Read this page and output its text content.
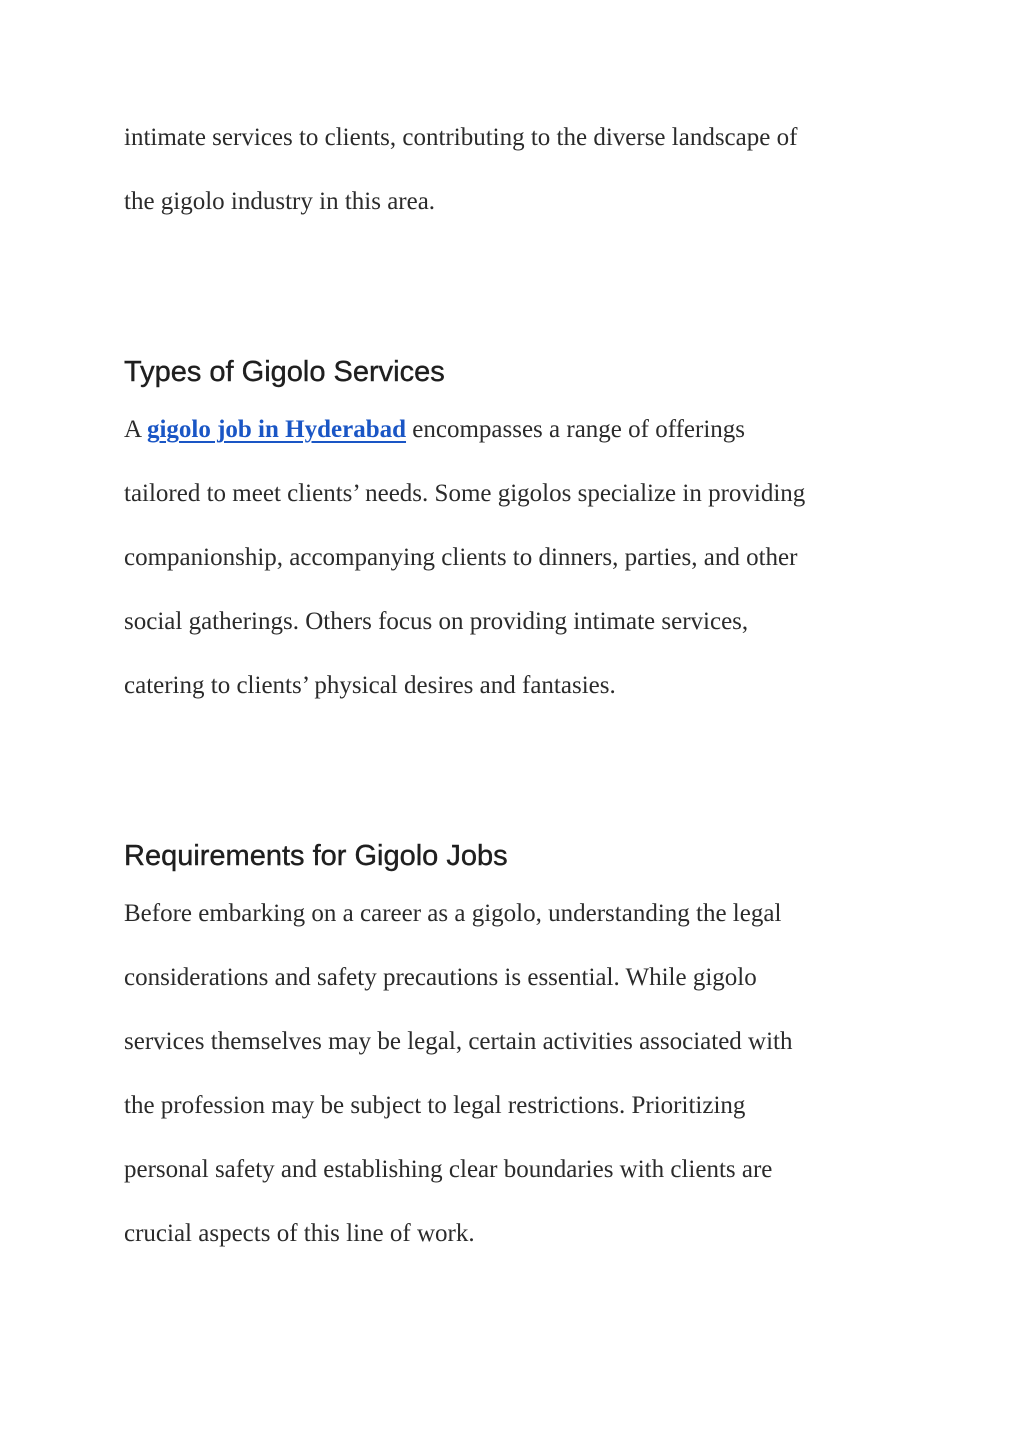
intimate services to clients, contributing to the diverse landscape of
the gigolo industry in this area.

Types of Gigolo Services

A gigolo job in Hyderabad encompasses a range of offerings
tailored to meet clients’ needs. Some gigolos specialize in providing
companionship, accompanying clients to dinners, parties, and other
social gatherings. Others focus on providing intimate services,
catering to clients’ physical desires and fantasies.

Requirements for Gigolo Jobs

Before embarking on a career as a gigolo, understanding the legal
considerations and safety precautions is essential. While gigolo
services themselves may be legal, certain activities associated with
the profession may be subject to legal restrictions. Prioritizing
personal safety and establishing clear boundaries with clients are
crucial aspects of this line of work.
